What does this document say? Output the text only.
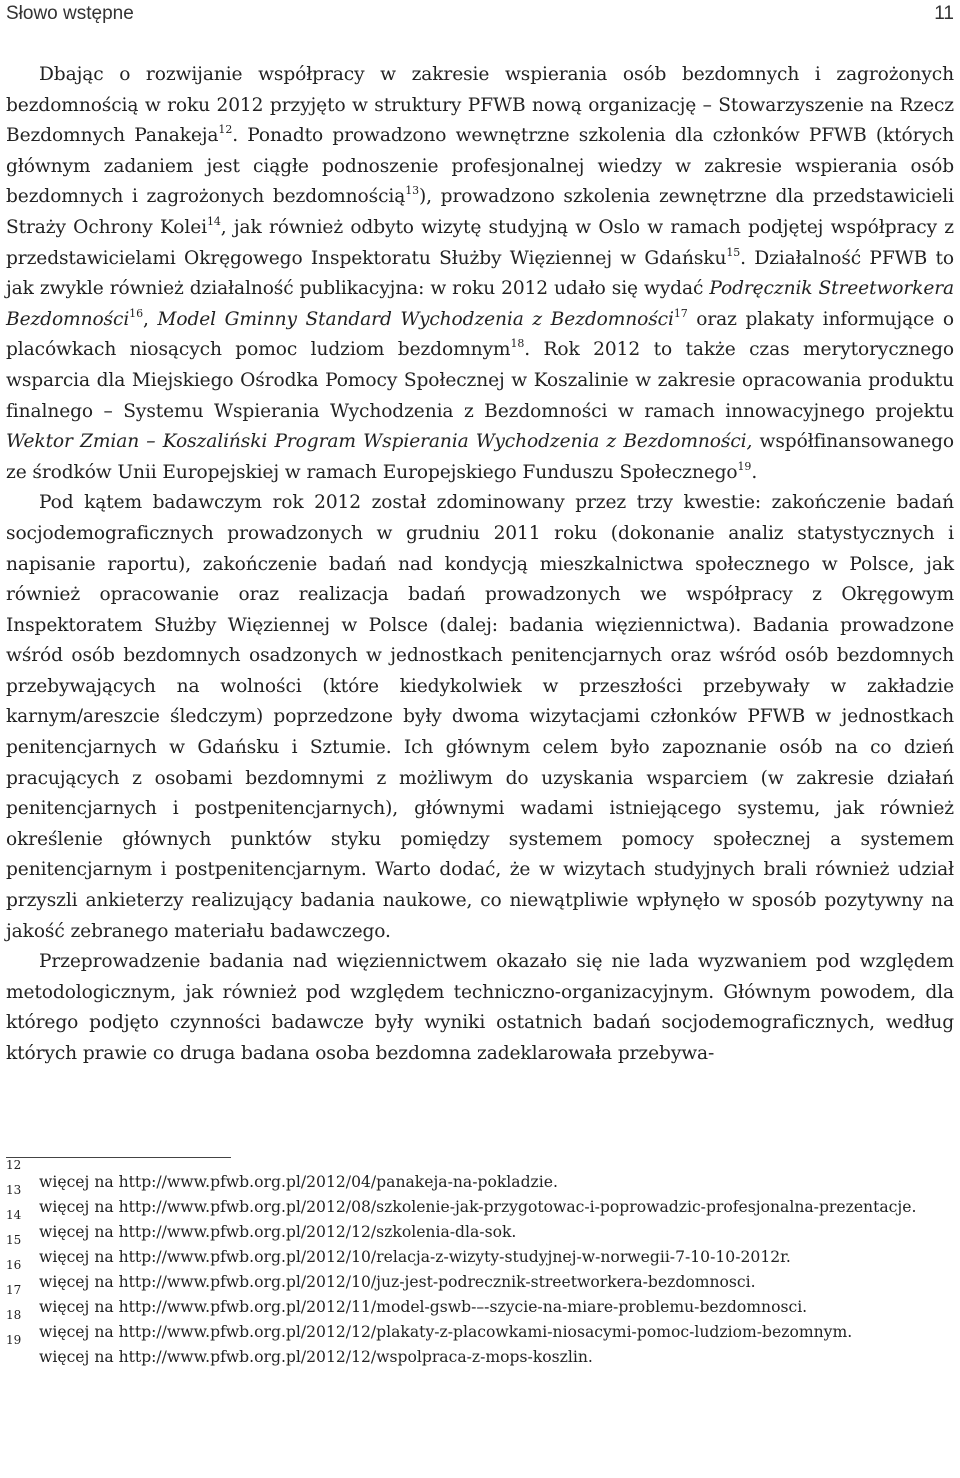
Słowo wstępne	11

Dbając o rozwijanie współpracy w zakresie wspierania osób bezdomnych i zagrożonych bezdomnością w roku 2012 przyjęto w struktury PFWB nową organizację – Stowarzyszenie na Rzecz Bezdomnych Panakeja$^{12}$. Ponadto prowadzono wewnętrzne szkolenia dla członków PFWB (których głównym zadaniem jest ciągłe podnoszenie profesjonalnej wiedzy w zakresie wspierania osób bezdomnych i zagrożonych bezdomnością$^{13}$), prowadzono szkolenia zewnętrzne dla przedstawicieli Straży Ochrony Kolei$^{14}$, jak również odbyto wizytę studyjną w Oslo w ramach podjętej współpracy z przedstawicielami Okręgowego Inspektoratu Służby Więziennej w Gdańsku$^{15}$. Działalność PFWB to jak zwykle również działalność publikacyjna: w roku 2012 udało się wydać Podręcznik Streetworkera Bezdomności$^{16}$, Model Gminny Standard Wychodzenia z Bezdomności$^{17}$ oraz plakaty informujące o placówkach niosących pomoc ludziom bezdomnym$^{18}$. Rok 2012 to także czas merytorycznego wsparcia dla Miejskiego Ośrodka Pomocy Społecznej w Koszalinie w zakresie opracowania produktu finalnego – Systemu Wspierania Wychodzenia z Bezdomności w ramach innowacyjnego projektu Wektor Zmian – Koszaliński Program Wspierania Wychodzenia z Bezdomności, współfinansowanego ze środków Unii Europejskiej w ramach Europejskiego Funduszu Społecznego$^{19}$.

Pod kątem badawczym rok 2012 został zdominowany przez trzy kwestie: zakończenie badań socjodemograficznych prowadzonych w grudniu 2011 roku (dokonanie analiz statystycznych i napisanie raportu), zakończenie badań nad kondycją mieszkalnictwa społecznego w Polsce, jak również opracowanie oraz realizacja badań prowadzonych we współpracy z Okręgowym Inspektoratem Służby Więziennej w Polsce (dalej: badania więziennictwa). Badania prowadzone wśród osób bezdomnych osadzonych w jednostkach penitencjarnych oraz wśród osób bezdomnych przebywających na wolności (które kiedykolwiek w przeszłości przebywały w zakładzie karnym/areszcie śledczym) poprzedzone były dwoma wizytacjami członków PFWB w jednostkach penitencjarnych w Gdańsku i Sztumie. Ich głównym celem było zapoznanie osób na co dzień pracujących z osobami bezdomnymi z możliwym do uzyskania wsparciem (w zakresie działań penitencjarnych i postpenitencjarnych), głównymi wadami istniejącego systemu, jak również określenie głównych punktów styku pomiędzy systemem pomocy społecznej a systemem penitencjarnym i postpenitencjarnym. Warto dodać, że w wizytach studyjnych brali również udział przyszli ankieterzy realizujący badania naukowe, co niewątpliwie wpłynęło w sposób pozytywny na jakość zebranego materiału badawczego.

Przeprowadzenie badania nad więziennictwem okazało się nie lada wyzwaniem pod względem metodologicznym, jak również pod względem techniczno-organizacyjnym. Głównym powodem, dla którego podjęto czynności badawcze były wyniki ostatnich badań socjodemograficznych, według których prawie co druga badana osoba bezdomna zadeklarowała przebywa-

12
więcej na http://www.pfwb.org.pl/2012/04/panakeja-na-pokladzie.
13
więcej na http://www.pfwb.org.pl/2012/08/szkolenie-jak-przygotowac-i-poprowadzic-profesjonalna-prezentacje.
14
więcej na http://www.pfwb.org.pl/2012/12/szkolenia-dla-sok.
15
więcej na http://www.pfwb.org.pl/2012/10/relacja-z-wizyty-studyjnej-w-norwegii-7-10-10-2012r.
16
więcej na http://www.pfwb.org.pl/2012/10/juz-jest-podrecznik-streetworkera-bezdomnosci.
17
więcej na http://www.pfwb.org.pl/2012/11/model-gswb-–-szycie-na-miare-problemu-bezdomnosci.
18
więcej na http://www.pfwb.org.pl/2012/12/plakaty-z-placowkami-niosacymi-pomoc-ludziom-bezomnym.
19
więcej na http://www.pfwb.org.pl/2012/12/wspolpraca-z-mops-koszlin.
